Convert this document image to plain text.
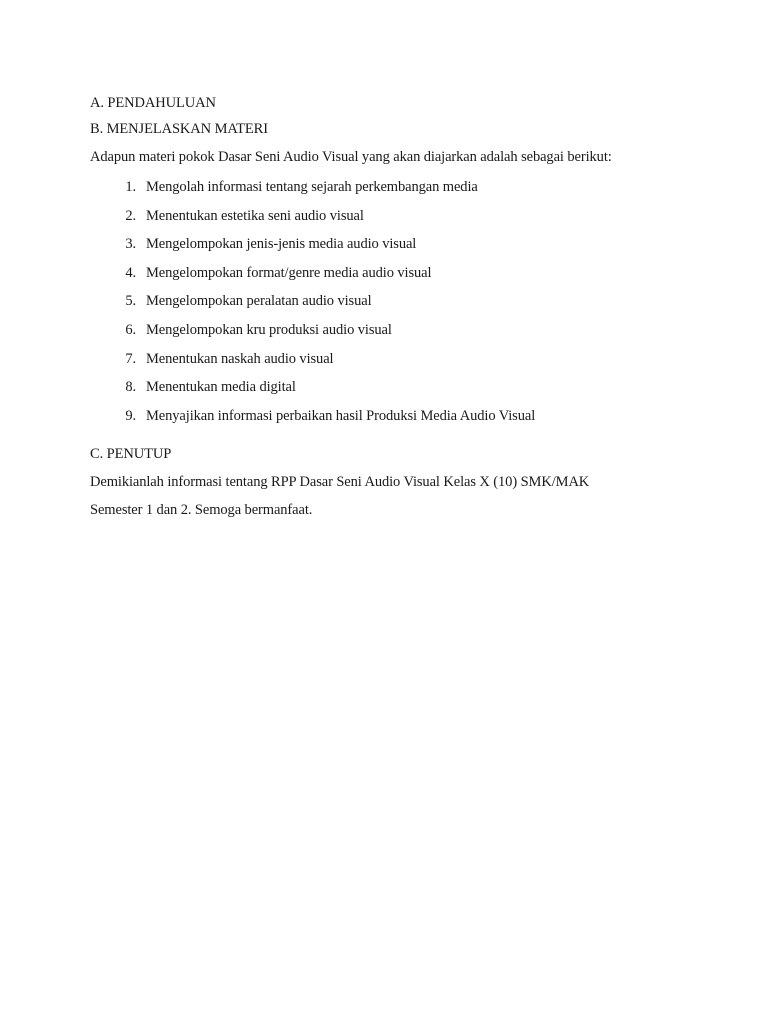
A. PENDAHULUAN

B. MENJELASKAN MATERI

Adapun materi pokok Dasar Seni Audio Visual yang akan diajarkan adalah sebagai berikut:

1. Mengolah informasi tentang sejarah perkembangan media
2. Menentukan estetika seni audio visual
3. Mengelompokan jenis-jenis media audio visual
4. Mengelompokan format/genre media audio visual
5. Mengelompokan peralatan audio visual
6. Mengelompokan kru produksi audio visual
7. Menentukan naskah audio visual
8. Menentukan media digital
9. Menyajikan informasi perbaikan hasil Produksi Media Audio Visual

C. PENUTUP

Demikianlah informasi tentang RPP Dasar Seni Audio Visual Kelas X (10) SMK/MAK

Semester 1 dan 2. Semoga bermanfaat.
